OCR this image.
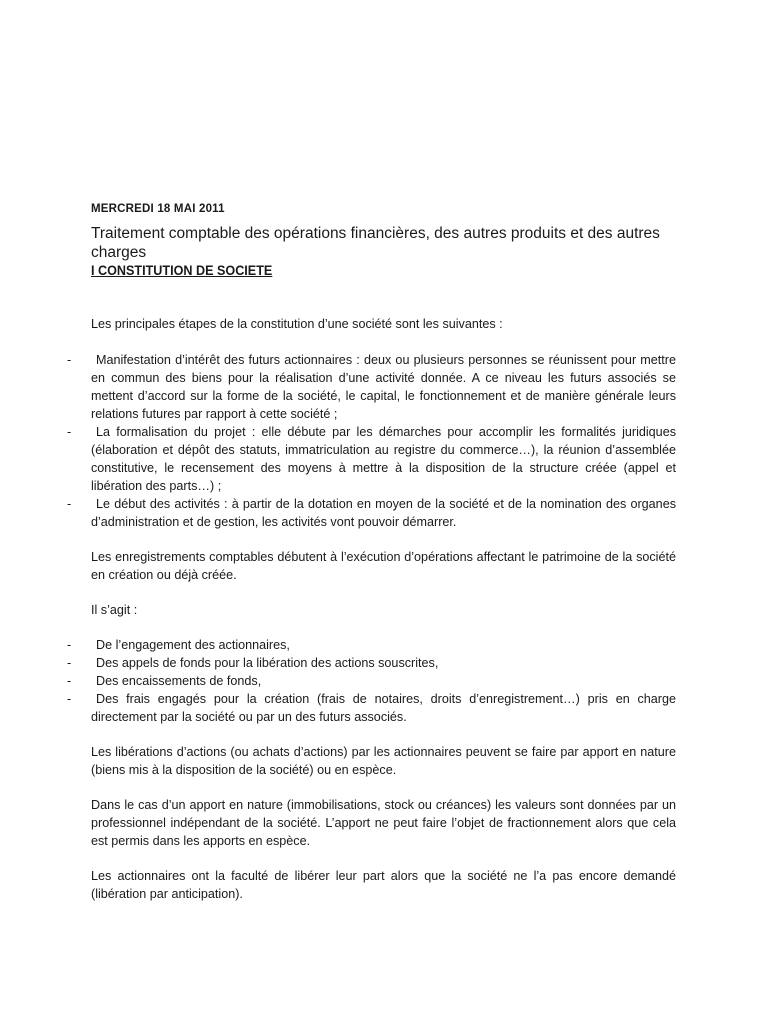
MERCREDI 18 MAI 2011
Traitement comptable des opérations financières, des autres produits et des autres charges
I CONSTITUTION DE SOCIETE

Les principales étapes de la constitution d’une société sont les suivantes :

-	Manifestation d’intérêt des futurs actionnaires : deux ou plusieurs personnes se réunissent pour mettre en commun des biens pour la réalisation d’une activité donnée. A ce niveau les futurs associés se mettent d’accord sur la forme de la société, le capital, le fonctionnement et de manière générale leurs relations futures par rapport à cette société ;
-	La formalisation du projet : elle débute par les démarches pour accomplir les formalités juridiques (élaboration et dépôt des statuts, immatriculation au registre du commerce…), la réunion d’assemblée constitutive, le recensement des moyens à mettre à la disposition de la structure créée (appel et libération des parts…) ;
-	Le début des activités : à partir de la dotation en moyen de la société et de la nomination des organes d’administration et de gestion, les activités vont pouvoir démarrer.

Les enregistrements comptables débutent à l’exécution d’opérations affectant le patrimoine de la société en création ou déjà créée.

Il s’agit :

-	De l’engagement des actionnaires,
-	Des appels de fonds pour la libération des actions souscrites,
-	Des encaissements de fonds,
-	Des frais engagés pour la création (frais de notaires, droits d’enregistrement…) pris en charge directement par la société ou par un des futurs associés.

Les libérations d’actions (ou achats d’actions) par les actionnaires peuvent se faire par apport en nature (biens mis à la disposition de la société) ou en espèce.

Dans le cas d’un apport en nature (immobilisations, stock ou créances) les valeurs sont données par un professionnel indépendant de la société. L’apport ne peut faire l’objet de fractionnement alors que cela est permis dans les apports en espèce.

Les actionnaires ont la faculté de libérer leur part alors que la société ne l’a pas encore demandé (libération par anticipation).
